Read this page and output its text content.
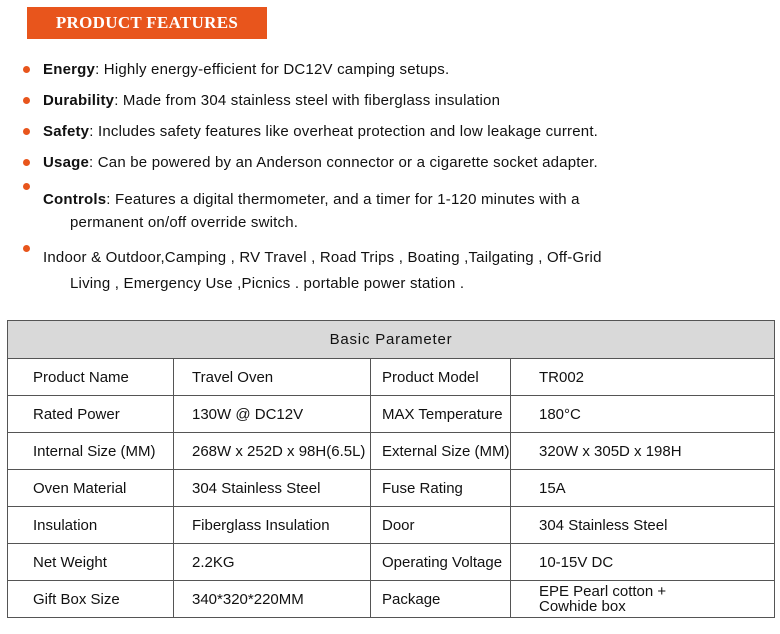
PRODUCT FEATURES
Energy: Highly energy-efficient for DC12V camping setups.
Durability: Made from 304 stainless steel with fiberglass insulation
Safety: Includes safety features like overheat protection and low leakage current.
Usage: Can be powered by an Anderson connector or a cigarette socket adapter.
Controls: Features a digital thermometer, and a timer for 1-120 minutes with a
permanent on/off override switch.
Indoor & Outdoor,Camping , RV Travel , Road Trips , Boating ,Tailgating , Off-Grid
Living , Emergency Use ,Picnics . portable power station .
Basic Parameter			
Product Name	Travel Oven	Product Model	TR002
Rated Power	130W @ DC12V	MAX Temperature	180°C
Internal Size (MM)	268W x 252D x 98H(6.5L)	External Size (MM)	320W x 305D x 198H
Oven Material	304 Stainless Steel	Fuse Rating	15A
Insulation	Fiberglass Insulation	Door	304 Stainless Steel
Net Weight	2.2KG	Operating Voltage	10-15V DC
Gift Box Size	340*320*220MM	Package	EPE Pearl cotton + Cowhide box
